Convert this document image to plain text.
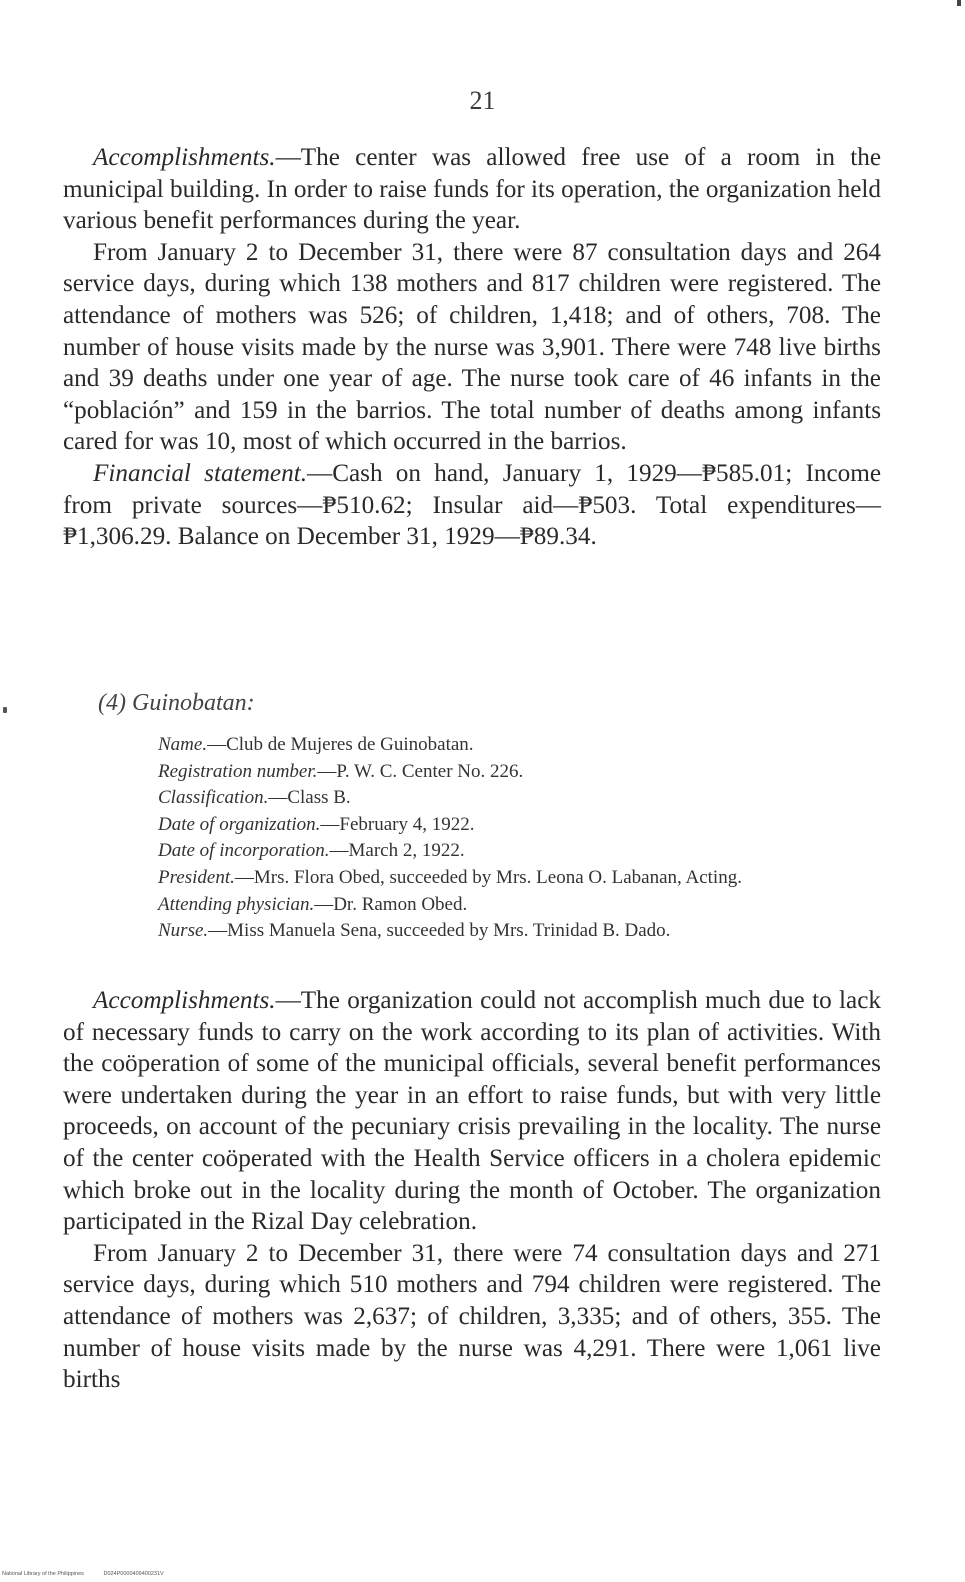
21

Accomplishments.—The center was allowed free use of a room in the municipal building. In order to raise funds for its operation, the organization held various benefit performances during the year.

From January 2 to December 31, there were 87 consultation days and 264 service days, during which 138 mothers and 817 children were registered. The attendance of mothers was 526; of children, 1,418; and of others, 708. The number of house visits made by the nurse was 3,901. There were 748 live births and 39 deaths under one year of age. The nurse took care of 46 infants in the “población” and 159 in the barrios. The total number of deaths among infants cared for was 10, most of which occurred in the barrios.

Financial statement.—Cash on hand, January 1, 1929—₱585.01; Income from private sources—₱510.62; Insular aid—₱503. Total expenditures—₱1,306.29. Balance on December 31, 1929—₱89.34.

(4) Guinobatan:
Name.—Club de Mujeres de Guinobatan.
Registration number.—P. W. C. Center No. 226.
Classification.—Class B.
Date of organization.—February 4, 1922.
Date of incorporation.—March 2, 1922.
President.—Mrs. Flora Obed, succeeded by Mrs. Leona O. Labanan, Acting.
Attending physician.—Dr. Ramon Obed.
Nurse.—Miss Manuela Sena, succeeded by Mrs. Trinidad B. Dado.

Accomplishments.—The organization could not accomplish much due to lack of necessary funds to carry on the work according to its plan of activities. With the coöperation of some of the municipal officials, several benefit performances were undertaken during the year in an effort to raise funds, but with very little proceeds, on account of the pecuniary crisis prevailing in the locality. The nurse of the center coöperated with the Health Service officers in a cholera epidemic which broke out in the locality during the month of October. The organization participated in the Rizal Day celebration.

From January 2 to December 31, there were 74 consultation days and 271 service days, during which 510 mothers and 794 children were registered. The attendance of mothers was 2,637; of children, 3,335; and of others, 355. The number of house visits made by the nurse was 4,291. There were 1,061 live births

National Library of the Philippines	D024P0000409400231V
